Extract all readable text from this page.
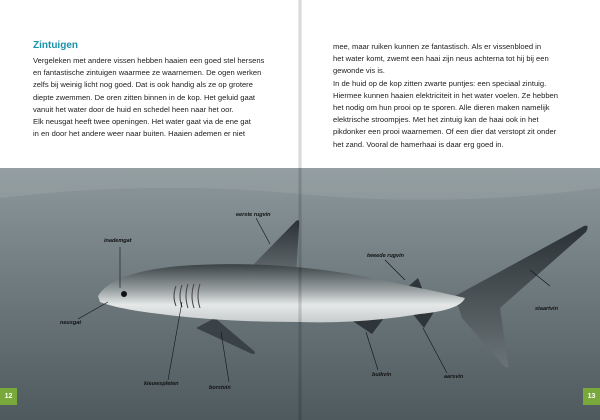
Zintuigen
Vergeleken met andere vissen hebben haaien een goed stel hersens
en fantastische zintuigen waarmee ze waarnemen. De ogen werken
zelfs bij weinig licht nog goed. Dat is ook handig als ze op grotere
diepte zwemmen. De oren zitten binnen in de kop. Het geluid gaat
vanuit het water door de huid en schedel heen naar het oor.
Elk neusgat heeft twee openingen. Het water gaat via de ene gat
in en door het andere weer naar buiten. Haaien ademen er niet
mee, maar ruiken kunnen ze fantastisch. Als er vissenbloed in
het water komt, zwemt een haai zijn neus achterna tot hij bij een
gewonde vis is.
In de huid op de kop zitten zwarte puntjes: een speciaal zintuig.
Hiermee kunnen haaien elektriciteit in het water voelen. Ze hebben
het nodig om hun prooi op te sporen. Alle dieren maken namelijk
elektrische stroompjes. Met het zintuig kan de haai ook in het
pikdonker een prooi waarnemen. Of een dier dat verstopt zit onder
het zand. Vooral de hamerhaai is daar erg goed in.
eerste rugvin
inademgat
tweede rugvin
neusgat
staartvin
kieuwspleten
buikvin	aarsvin
borstvin
12	13
